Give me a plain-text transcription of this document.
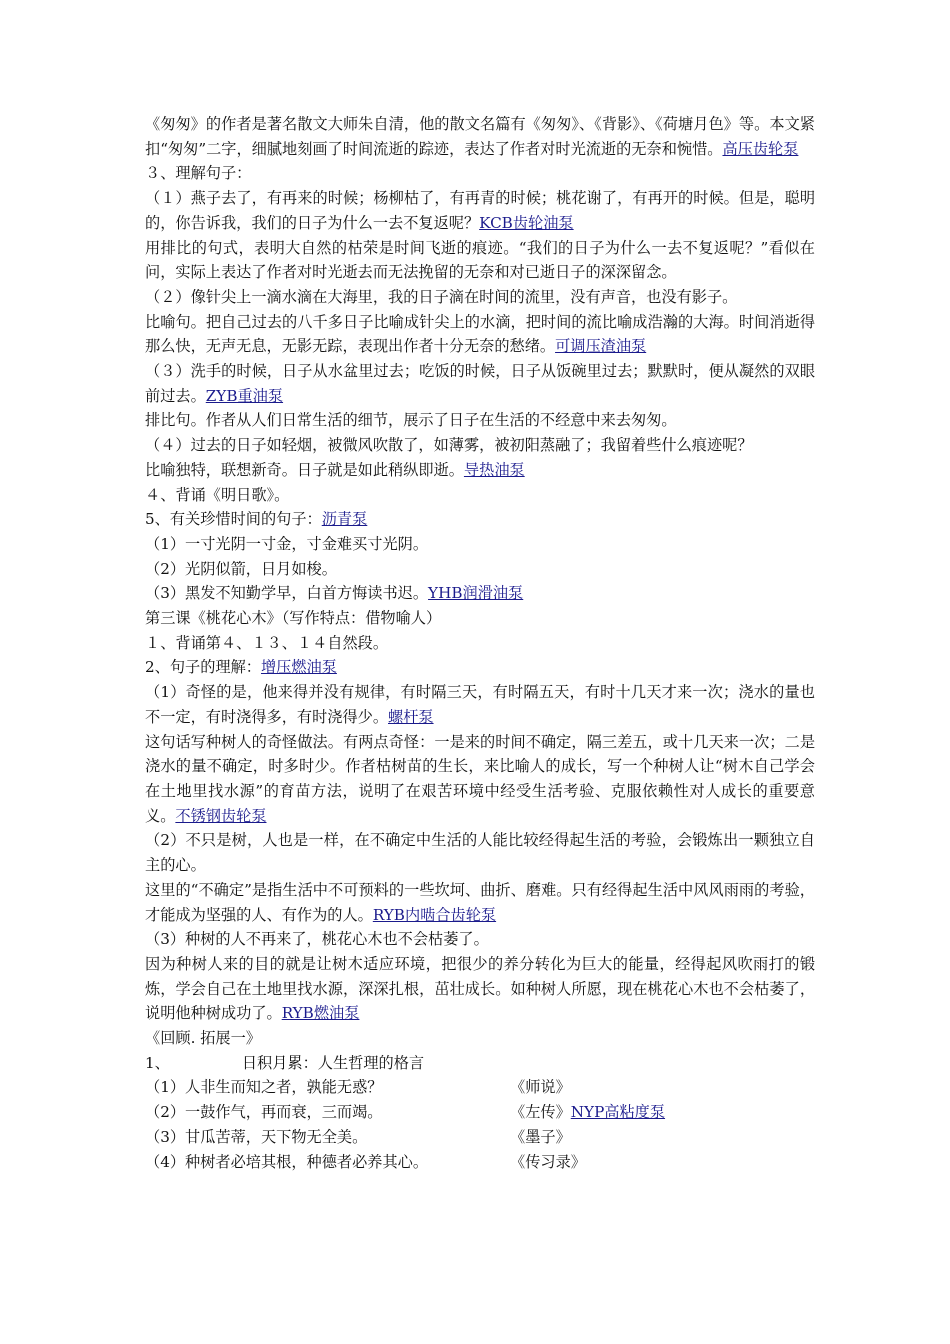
《匆匆》的作者是著名散文大师朱自清，他的散文名篇有《匆匆》、《背影》、《荷塘月色》等。本文紧扣“匆匆”二字，细腻地刻画了时间流逝的踪迹，表达了作者对时光流逝的无奈和惋惜。高压齿轮泵

３、理解句子：

（１）燕子去了，有再来的时候；杨柳枯了，有再青的时候；桃花谢了，有再开的时候。但是，聪明的，你告诉我，我们的日子为什么一去不复返呢？KCB齿轮油泵

用排比的句式，表明大自然的枯荣是时间飞逝的痕迹。“我们的日子为什么一去不复返呢？”看似在问，实际上表达了作者对时光逝去而无法挽留的无奈和对已逝日子的深深留念。

（２）像针尖上一滴水滴在大海里，我的日子滴在时间的流里，没有声音，也没有影子。

比喻句。把自己过去的八千多日子比喻成针尖上的水滴，把时间的流比喻成浩瀚的大海。时间消逝得那么快，无声无息，无影无踪，表现出作者十分无奈的愁绪。可调压渣油泵

（３）洗手的时候，日子从水盆里过去；吃饭的时候，日子从饭碗里过去；默默时，便从凝然的双眼前过去。ZYB重油泵

排比句。作者从人们日常生活的细节，展示了日子在生活的不经意中来去匆匆。

（４）过去的日子如轻烟，被微风吹散了，如薄雾，被初阳蒸融了；我留着些什么痕迹呢？

比喻独特，联想新奇。日子就是如此稍纵即逝。导热油泵

４、背诵《明日歌》。

5、有关珍惜时间的句子：沥青泵

（1）一寸光阴一寸金，寸金难买寸光阴。

（2）光阴似箭，日月如梭。

（3）黑发不知勤学早，白首方悔读书迟。YHB润滑油泵

第三课《桃花心木》（写作特点：借物喻人）

１、背诵第４、１３、１４自然段。

2、句子的理解：增压燃油泵

（1）奇怪的是，他来得并没有规律，有时隔三天，有时隔五天，有时十几天才来一次；浇水的量也不一定，有时浇得多，有时浇得少。螺杆泵

这句话写种树人的奇怪做法。有两点奇怪：一是来的时间不确定，隔三差五，或十几天来一次；二是浇水的量不确定，时多时少。作者枯树苗的生长，来比喻人的成长，写一个种树人让“树木自己学会在土地里找水源”的育苗方法，说明了在艰苦环境中经受生活考验、克服依赖性对人成长的重要意义。不锈钢齿轮泵

（2）不只是树，人也是一样，在不确定中生活的人能比较经得起生活的考验，会锻炼出一颗独立自主的心。

这里的“不确定”是指生活中不可预料的一些坎坷、曲折、磨难。只有经得起生活中风风雨雨的考验，才能成为坚强的人、有作为的人。RYB内啮合齿轮泵

（3）种树的人不再来了，桃花心木也不会枯萎了。

因为种树人来的目的就是让树木适应环境，把很少的养分转化为巨大的能量，经得起风吹雨打的锻炼，学会自己在土地里找水源，深深扎根，茁壮成长。如种树人所愿，现在桃花心木也不会枯萎了，说明他种树成功了。RYB燃油泵

《回顾. 拓展一》

1、	日积月累：人生哲理的格言

（1）人非生而知之者，孰能无惑？	《师说》
（2）一鼓作气，再而衰，三而竭。	《左传》NYP高粘度泵
（3）甘瓜苦蒂，天下物无全美。	《墨子》
（4）种树者必培其根，种德者必养其心。	《传习录》
